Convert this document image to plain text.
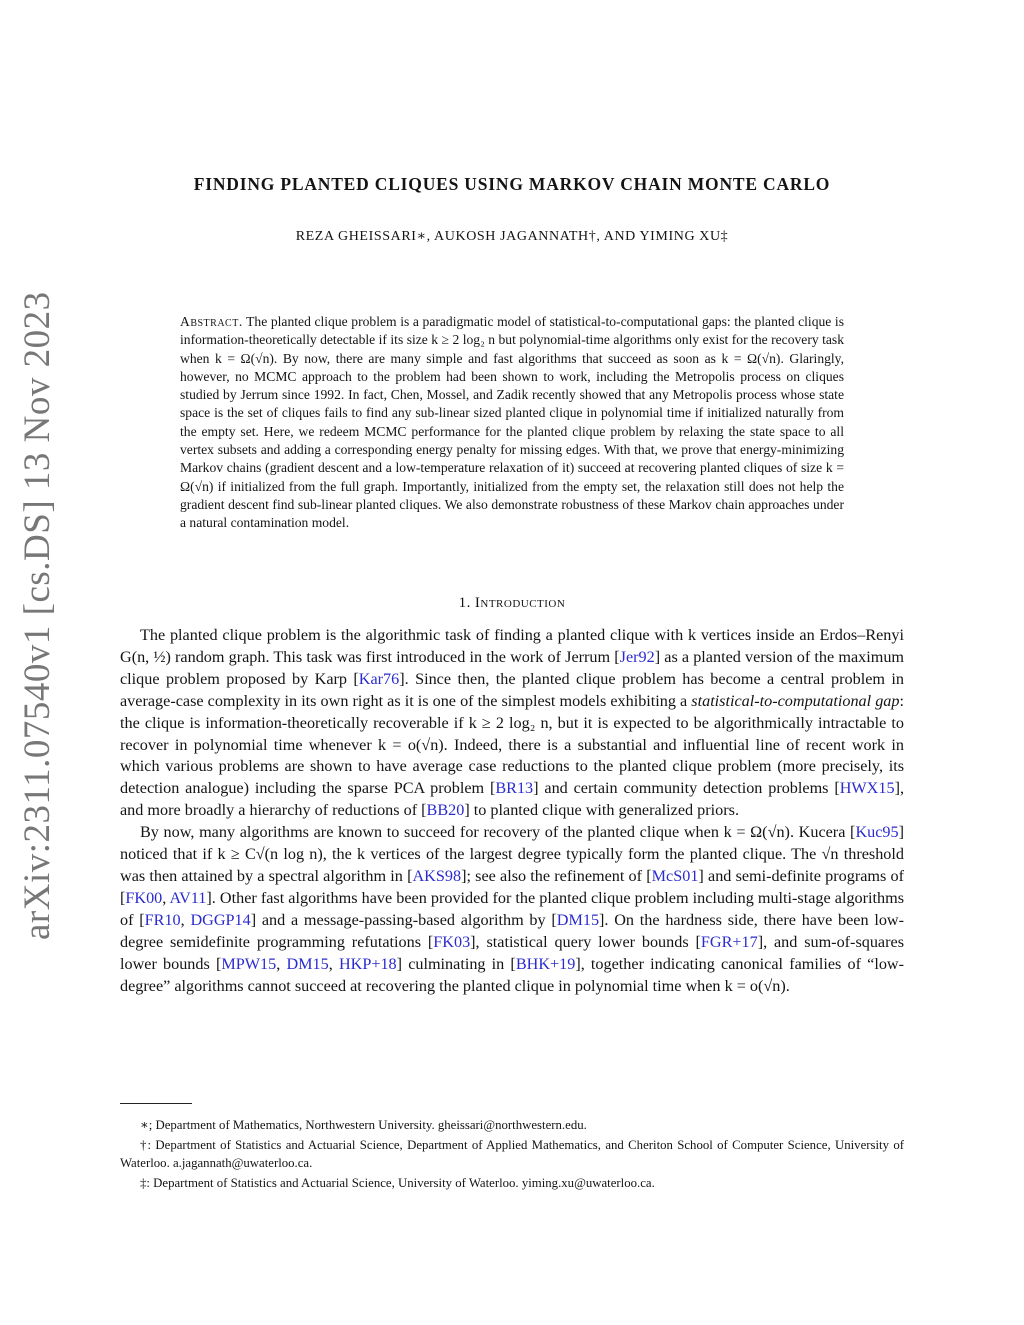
arXiv:2311.07540v1 [cs.DS] 13 Nov 2023
FINDING PLANTED CLIQUES USING MARKOV CHAIN MONTE CARLO
REZA GHEISSARI∗, AUKOSH JAGANNATH†, AND YIMING XU‡
Abstract. The planted clique problem is a paradigmatic model of statistical-to-computational gaps: the planted clique is information-theoretically detectable if its size k ≥ 2 log₂ n but polynomial-time algorithms only exist for the recovery task when k = Ω(√n). By now, there are many simple and fast algorithms that succeed as soon as k = Ω(√n). Glaringly, however, no MCMC approach to the problem had been shown to work, including the Metropolis process on cliques studied by Jerrum since 1992. In fact, Chen, Mossel, and Zadik recently showed that any Metropolis process whose state space is the set of cliques fails to find any sub-linear sized planted clique in polynomial time if initialized naturally from the empty set. Here, we redeem MCMC performance for the planted clique problem by relaxing the state space to all vertex subsets and adding a corresponding energy penalty for missing edges. With that, we prove that energy-minimizing Markov chains (gradient descent and a low-temperature relaxation of it) succeed at recovering planted cliques of size k = Ω(√n) if initialized from the full graph. Importantly, initialized from the empty set, the relaxation still does not help the gradient descent find sub-linear planted cliques. We also demonstrate robustness of these Markov chain approaches under a natural contamination model.
1. Introduction

The planted clique problem is the algorithmic task of finding a planted clique with k vertices inside an Erdos–Renyi G(n, ½) random graph. This task was first introduced in the work of Jerrum [Jer92] as a planted version of the maximum clique problem proposed by Karp [Kar76]. Since then, the planted clique problem has become a central problem in average-case complexity in its own right as it is one of the simplest models exhibiting a statistical-to-computational gap: the clique is information-theoretically recoverable if k ≥ 2 log₂ n, but it is expected to be algorithmically intractable to recover in polynomial time whenever k = o(√n). Indeed, there is a substantial and influential line of recent work in which various problems are shown to have average case reductions to the planted clique problem (more precisely, its detection analogue) including the sparse PCA problem [BR13] and certain community detection problems [HWX15], and more broadly a hierarchy of reductions of [BB20] to planted clique with generalized priors.

By now, many algorithms are known to succeed for recovery of the planted clique when k = Ω(√n). Kucera [Kuc95] noticed that if k ≥ C√(n log n), the k vertices of the largest degree typically form the planted clique. The √n threshold was then attained by a spectral algorithm in [AKS98]; see also the refinement of [McS01] and semi-definite programs of [FK00, AV11]. Other fast algorithms have been provided for the planted clique problem including multi-stage algorithms of [FR10, DGGP14] and a message-passing-based algorithm by [DM15]. On the hardness side, there have been low-degree semidefinite programming refutations [FK03], statistical query lower bounds [FGR+17], and sum-of-squares lower bounds [MPW15, DM15, HKP+18] culminating in [BHK+19], together indicating canonical families of “low-degree” algorithms cannot succeed at recovering the planted clique in polynomial time when k = o(√n).

∗; Department of Mathematics, Northwestern University. gheissari@northwestern.edu.

†: Department of Statistics and Actuarial Science, Department of Applied Mathematics, and Cheriton School of Computer Science, University of Waterloo. a.jagannath@uwaterloo.ca.

‡: Department of Statistics and Actuarial Science, University of Waterloo. yiming.xu@uwaterloo.ca.
